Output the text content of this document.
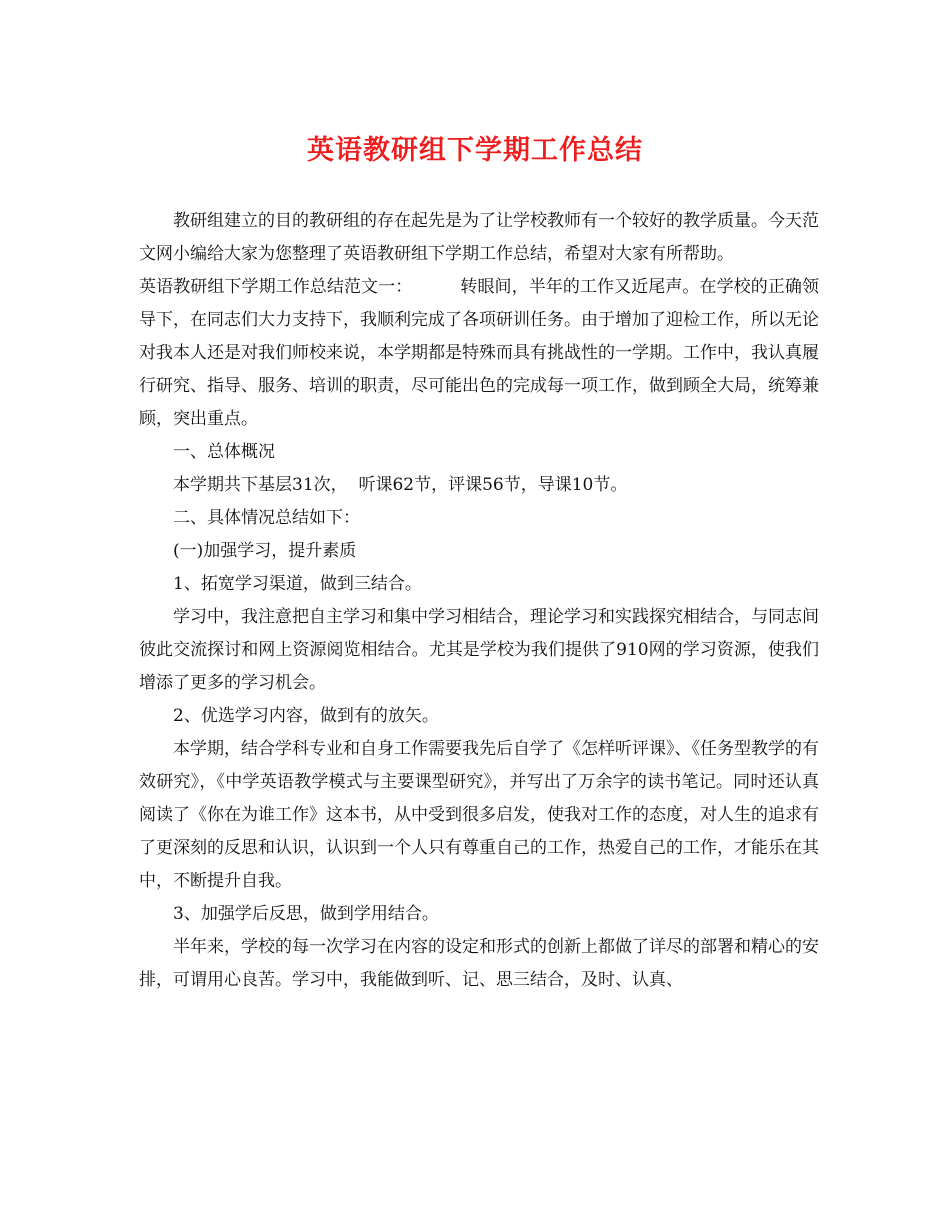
英语教研组下学期工作总结

教研组建立的目的教研组的存在起先是为了让学校教师有一个较好的教学质量。今天范文网小编给大家为您整理了英语教研组下学期工作总结，希望对大家有所帮助。

英语教研组下学期工作总结范文一：	转眼间，半年的工作又近尾声。在学校的正确领导下，在同志们大力支持下，我顺利完成了各项研训任务。由于增加了迎检工作，所以无论对我本人还是对我们师校来说，本学期都是特殊而具有挑战性的一学期。工作中，我认真履行研究、指导、服务、培训的职责，尽可能出色的完成每一项工作，做到顾全大局，统筹兼顾，突出重点。

一、总体概况

本学期共下基层31次，  听课62节，评课56节，导课10节。

二、具体情况总结如下：

(一)加强学习，提升素质

1、拓宽学习渠道，做到三结合。

学习中，我注意把自主学习和集中学习相结合，理论学习和实践探究相结合，与同志间彼此交流探讨和网上资源阅览相结合。尤其是学校为我们提供了910网的学习资源，使我们增添了更多的学习机会。

2、优选学习内容，做到有的放矢。

本学期，结合学科专业和自身工作需要我先后自学了《怎样听评课》、《任务型教学的有效研究》，《中学英语教学模式与主要课型研究》，并写出了万余字的读书笔记。同时还认真阅读了《你在为谁工作》这本书，从中受到很多启发，使我对工作的态度，对人生的追求有了更深刻的反思和认识，认识到一个人只有尊重自己的工作，热爱自己的工作，才能乐在其中，不断提升自我。

3、加强学后反思，做到学用结合。

半年来，学校的每一次学习在内容的设定和形式的创新上都做了详尽的部署和精心的安排，可谓用心良苦。学习中，我能做到听、记、思三结合，及时、认真、
